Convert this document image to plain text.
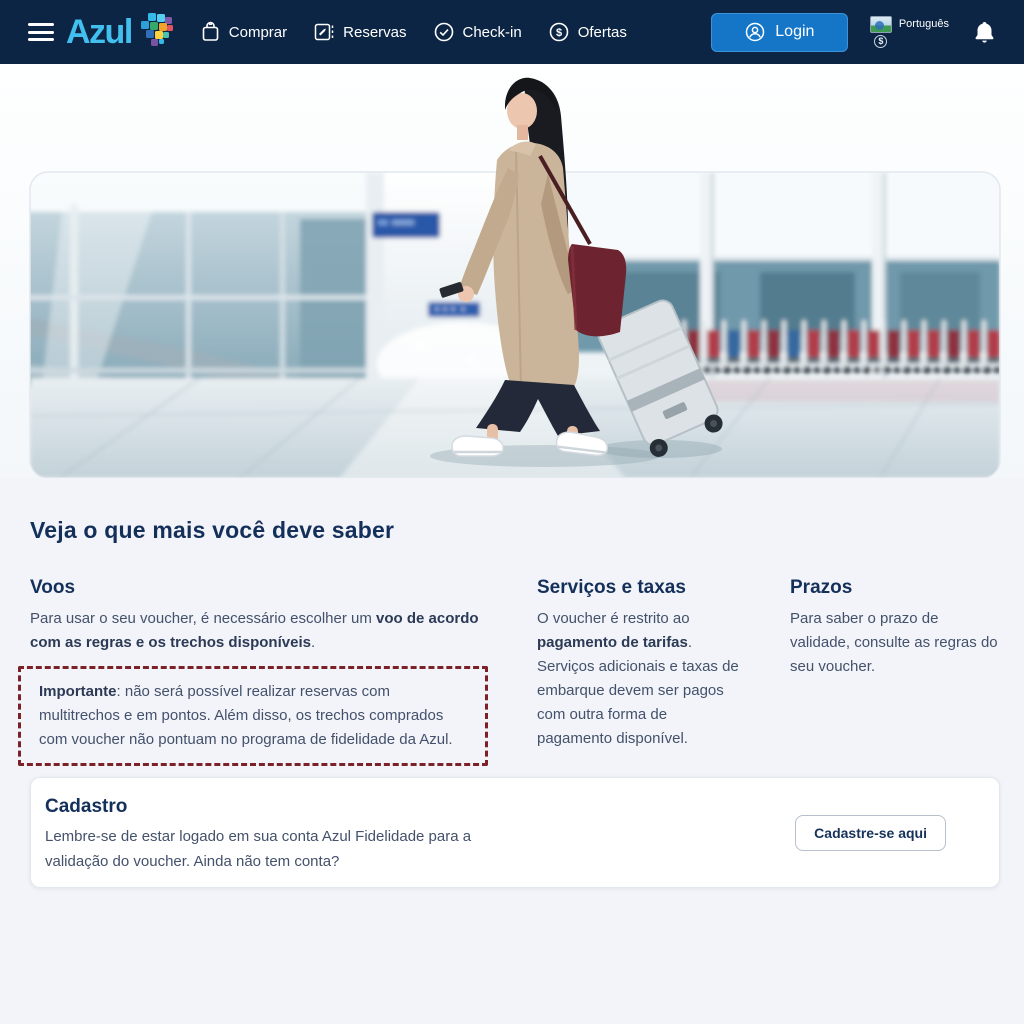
Azul	Comprar	Reservas	Check-in	$ Ofertas	Login
$
Português
Veja o que mais você deve saber
Voos

Para usar o seu voucher, é necessário escolher um voo de acordo com as regras e os trechos disponíveis.

Serviços e taxas

O voucher é restrito ao pagamento de tarifas. Serviços adicionais e taxas de embarque devem ser pagos com outra forma de pagamento disponível.

Prazos

Para saber o prazo de validade, consulte as regras do seu voucher.

Importante: não será possível realizar reservas com multitrechos e em pontos. Além disso, os trechos comprados com voucher não pontuam no programa de fidelidade da Azul.

Cadastro

Lembre-se de estar logado em sua conta Azul Fidelidade para a validação do voucher. Ainda não tem conta?

Cadastre-se aqui
